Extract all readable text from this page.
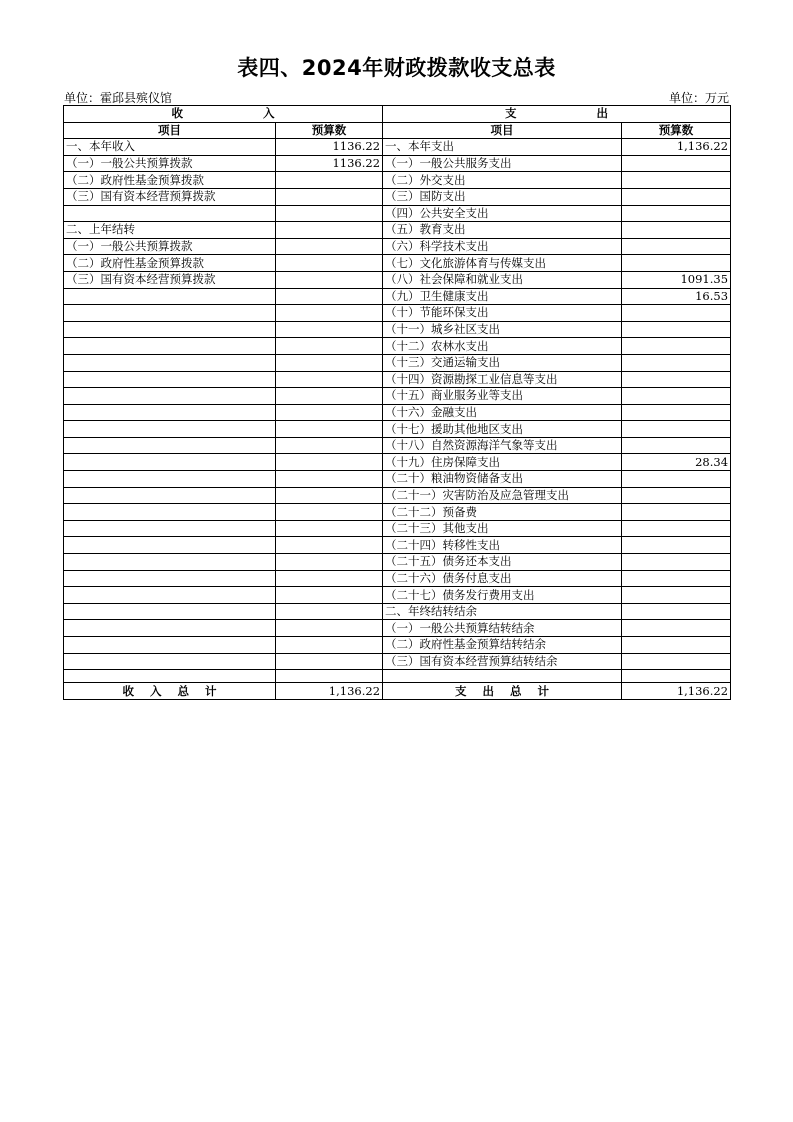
表四、2024年财政拨款收支总表
单位：霍邱县殡仪馆	单位：万元
收                    入		支                    出	
项目	预算数	项目	预算数
一、本年收入	1136.22	一、本年支出	1,136.22
（一）一般公共预算拨款	1136.22	（一）一般公共服务支出	
（二）政府性基金预算拨款		（二）外交支出	
（三）国有资本经营预算拨款		（三）国防支出	
		（四）公共安全支出	
二、上年结转		（五）教育支出	
（一）一般公共预算拨款		（六）科学技术支出	
（二）政府性基金预算拨款		（七）文化旅游体育与传媒支出	
（三）国有资本经营预算拨款		（八）社会保障和就业支出	1091.35
		（九）卫生健康支出	16.53
		（十）节能环保支出	
		（十一）城乡社区支出	
		（十二）农林水支出	
		（十三）交通运输支出	
		（十四）资源勘探工业信息等支出	
		（十五）商业服务业等支出	
		（十六）金融支出	
		（十七）援助其他地区支出	
		（十八）自然资源海洋气象等支出	
		（十九）住房保障支出	28.34
		（二十）粮油物资储备支出	
		（二十一）灾害防治及应急管理支出	
		（二十二）预备费	
		（二十三）其他支出	
		（二十四）转移性支出	
		（二十五）债务还本支出	
		（二十六）债务付息支出	
		（二十七）债务发行费用支出	
		二、年终结转结余	
		（一）一般公共预算结转结余	
		（二）政府性基金预算结转结余	
		（三）国有资本经营预算结转结余	

收    入    总    计	1,136.22	支    出    总    计	1,136.22
